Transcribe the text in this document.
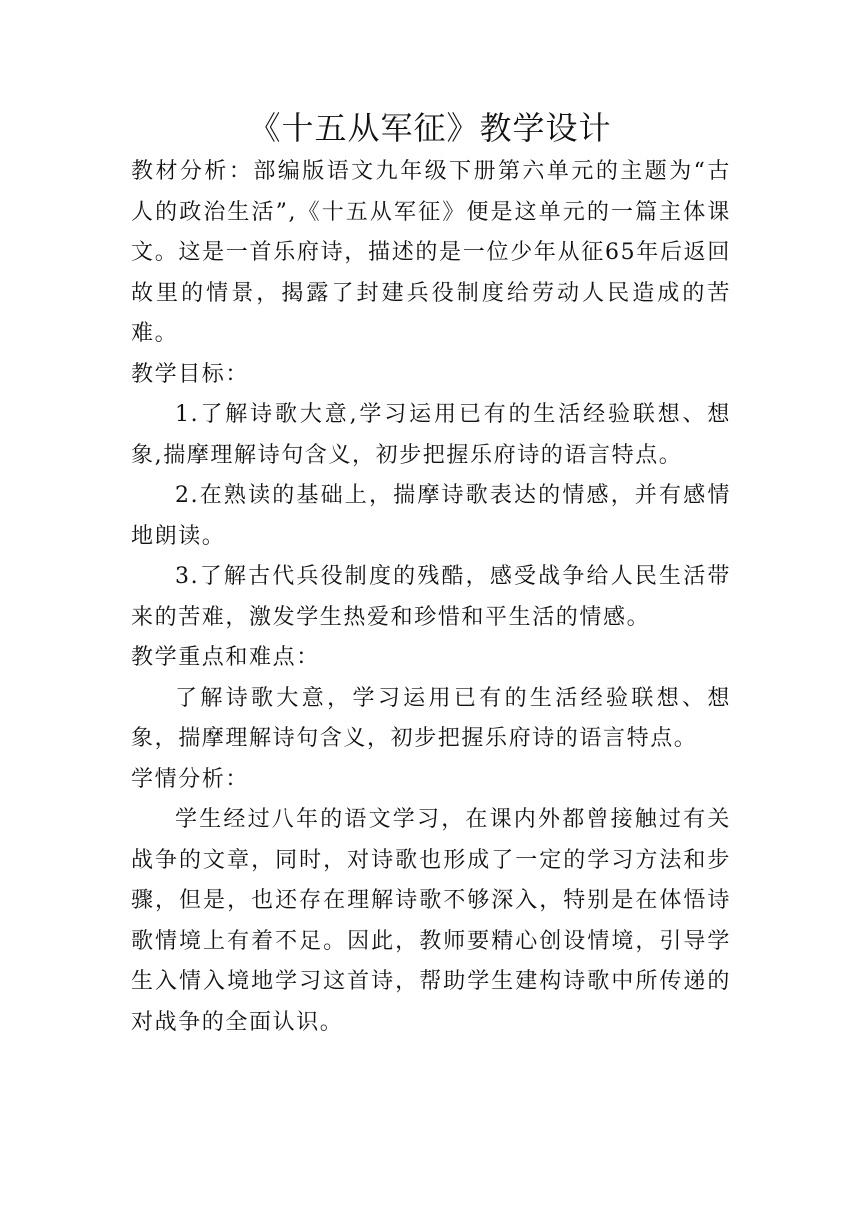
《十五从军征》教学设计

教材分析：部编版语文九年级下册第六单元的主题为“古人的政治生活”,《十五从军征》便是这单元的一篇主体课文。这是一首乐府诗，描述的是一位少年从征65年后返回故里的情景，揭露了封建兵役制度给劳动人民造成的苦难。

教学目标：

1.了解诗歌大意,学习运用已有的生活经验联想、想象,揣摩理解诗句含义，初步把握乐府诗的语言特点。

2.在熟读的基础上，揣摩诗歌表达的情感，并有感情地朗读。

3.了解古代兵役制度的残酷，感受战争给人民生活带来的苦难，激发学生热爱和珍惜和平生活的情感。

教学重点和难点：

了解诗歌大意，学习运用已有的生活经验联想、想象，揣摩理解诗句含义，初步把握乐府诗的语言特点。

学情分析：

学生经过八年的语文学习，在课内外都曾接触过有关战争的文章，同时，对诗歌也形成了一定的学习方法和步骤，但是，也还存在理解诗歌不够深入，特别是在体悟诗歌情境上有着不足。因此，教师要精心创设情境，引导学生入情入境地学习这首诗，帮助学生建构诗歌中所传递的对战争的全面认识。
